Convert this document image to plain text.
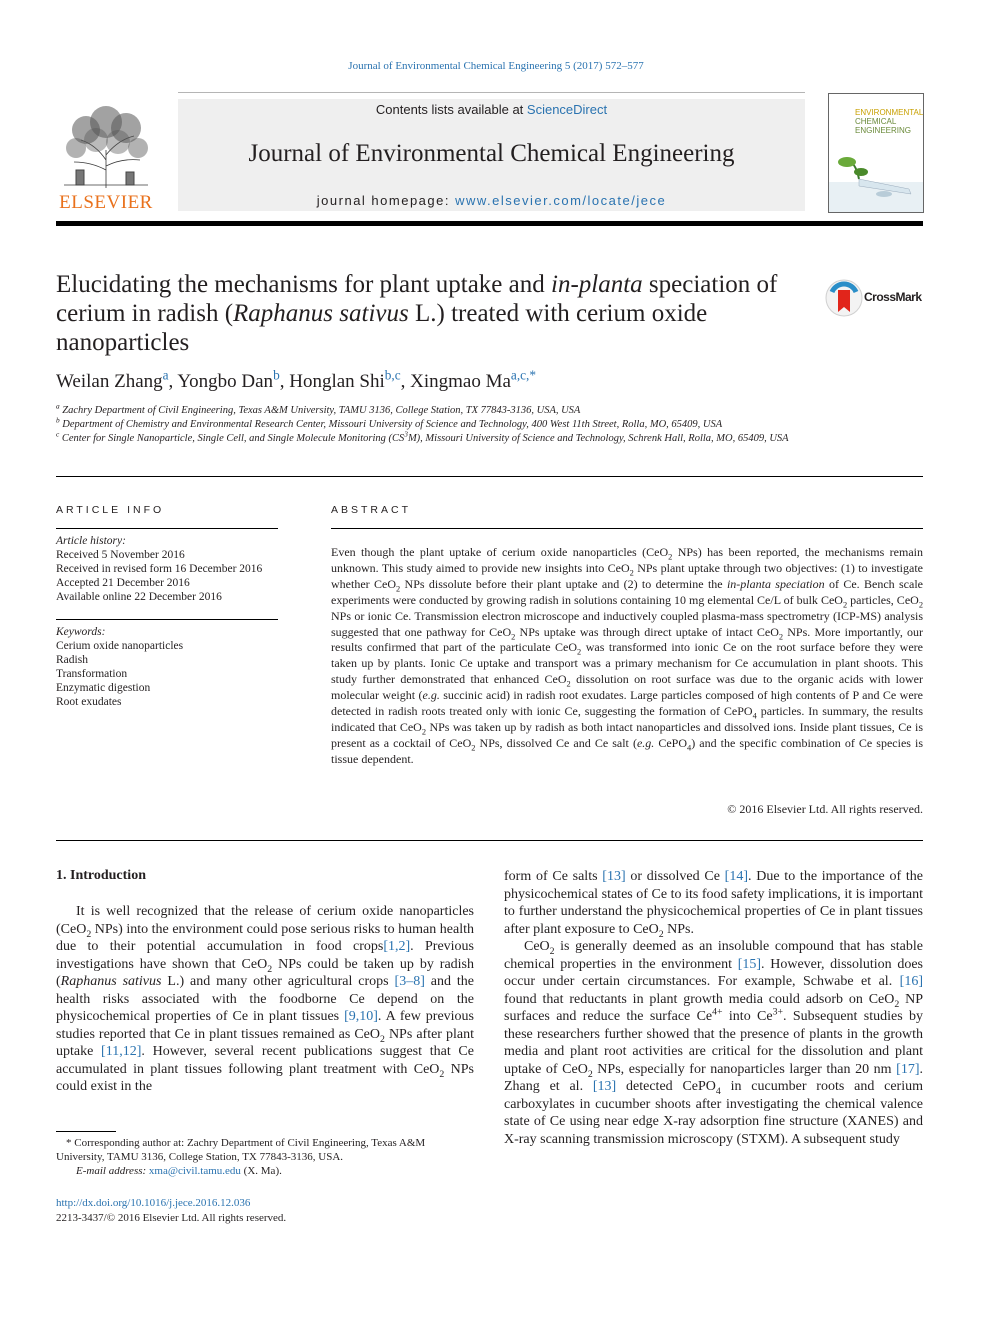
Journal of Environmental Chemical Engineering 5 (2017) 572–577
ELSEVIER
Contents lists available at ScienceDirect
Journal of Environmental Chemical Engineering
journal homepage: www.elsevier.com/locate/jece
ENVIRONMENTAL
CHEMICAL
ENGINEERING
Elucidating the mechanisms for plant uptake and in-planta speciation of cerium in radish (Raphanus sativus L.) treated with cerium oxide nanoparticles
CrossMark
Weilan Zhang$^a$, Yongbo Dan$^b$, Honglan Shi$^{b,c}$, Xingmao $Ma^{a,c,*}$
$^a$ Zachry Department of Civil Engineering, Texas A&M University, TAMU 3136, College Station, TX 77843-3136, USA, USA
$^b$ Department of Chemistry and Environmental Research Center, Missouri University of Science and Technology, 400 West 11th Street, Rolla, MO, 65409, USA
$^c$ Center for Single Nanoparticle, Single Cell, and Single Molecule Monitoring $(CS^3M)$, Missouri University of Science and Technology, Schrenk Hall, Rolla, MO, 65409, USA
ARTICLE INFO
Article history:
Received 5 November 2016
Received in revised form 16 December 2016
Accepted 21 December 2016
Available online 22 December 2016
Keywords:
Cerium oxide nanoparticles
Radish
Transformation
Enzymatic digestion
Root exudates
ABSTRACT
Even though the plant uptake of cerium oxide nanoparticles (CeO$_2$ NPs) has been reported, the mechanisms remain unknown. This study aimed to provide new insights into CeO$_2$ NPs plant uptake through two objectives: (1) to investigate whether CeO$_2$ NPs dissolute before their plant uptake and (2) to determine the in-planta speciation of Ce. Bench scale experiments were conducted by growing radish in solutions containing 10 mg elemental Ce/L of bulk CeO$_2$ particles, CeO$_2$ NPs or ionic Ce. Transmission electron microscope and inductively coupled plasma-mass spectrometry (ICP-MS) analysis suggested that one pathway for CeO$_2$ NPs uptake was through direct uptake of intact CeO$_2$ NPs. More importantly, our results confirmed that part of the particulate CeO$_2$ was transformed into ionic Ce on the root surface before they were taken up by plants. Ionic Ce uptake and transport was a primary mechanism for Ce accumulation in plant shoots. This study further demonstrated that enhanced CeO$_2$ dissolution on root surface was due to the organic acids with lower molecular weight (e.g. succinic acid) in radish root exudates. Large particles composed of high contents of P and Ce were detected in radish roots treated only with ionic Ce, suggesting the formation of CePO$_4$ particles. In summary, the results indicated that CeO$_2$ NPs was taken up by radish as both intact nanoparticles and dissolved ions. Inside plant tissues, Ce is present as a cocktail of CeO$_2$ NPs, dissolved Ce and Ce salt (e.g. CePO$_4$) and the specific combination of Ce species is tissue dependent.
© 2016 Elsevier Ltd. All rights reserved.
1. Introduction

It is well recognized that the release of cerium oxide nanoparticles (CeO$_2$ NPs) into the environment could pose serious risks to human health due to their potential accumulation in food crops[1,2]. Previous investigations have shown that CeO$_2$ NPs could be taken up by radish (Raphanus sativus L.) and many other agricultural crops [3–8] and the health risks associated with the foodborne Ce depend on the physicochemical properties of Ce in plant tissues [9,10]. A few previous studies reported that Ce in plant tissues remained as CeO$_2$ NPs after plant uptake [11,12]. However, several recent publications suggest that Ce accumulated in plant tissues following plant treatment with CeO$_2$ NPs could exist in the

form of Ce salts [13] or dissolved Ce [14]. Due to the importance of the physicochemical states of Ce to its food safety implications, it is important to further understand the physicochemical properties of Ce in plant tissues after plant exposure to CeO$_2$ NPs.

CeO$_2$ is generally deemed as an insoluble compound that has stable chemical properties in the environment [15]. However, dissolution does occur under certain circumstances. For example, Schwabe et al. [16] found that reductants in plant growth media could adsorb on CeO$_2$ NP surfaces and reduce the surface $Ce^{4+}$ into $Ce^{3+}$. Subsequent studies by these researchers further showed that the presence of plants in the growth media and plant root activities are critical for the dissolution and plant uptake of CeO$_2$ NPs, especially for nanoparticles larger than 20 nm [17]. Zhang et al. [13] detected CePO$_4$ in cucumber roots and cerium carboxylates in cucumber shoots after investigating the chemical valence state of Ce using near edge X-ray adsorption fine structure (XANES) and X-ray scanning transmission microscopy (STXM). A subsequent study

* Corresponding author at: Zachry Department of Civil Engineering, Texas A&M University, TAMU 3136, College Station, TX 77843-3136, USA.
E-mail address: xma@civil.tamu.edu (X. Ma).
http://dx.doi.org/10.1016/j.jece.2016.12.036
2213-3437/© 2016 Elsevier Ltd. All rights reserved.
